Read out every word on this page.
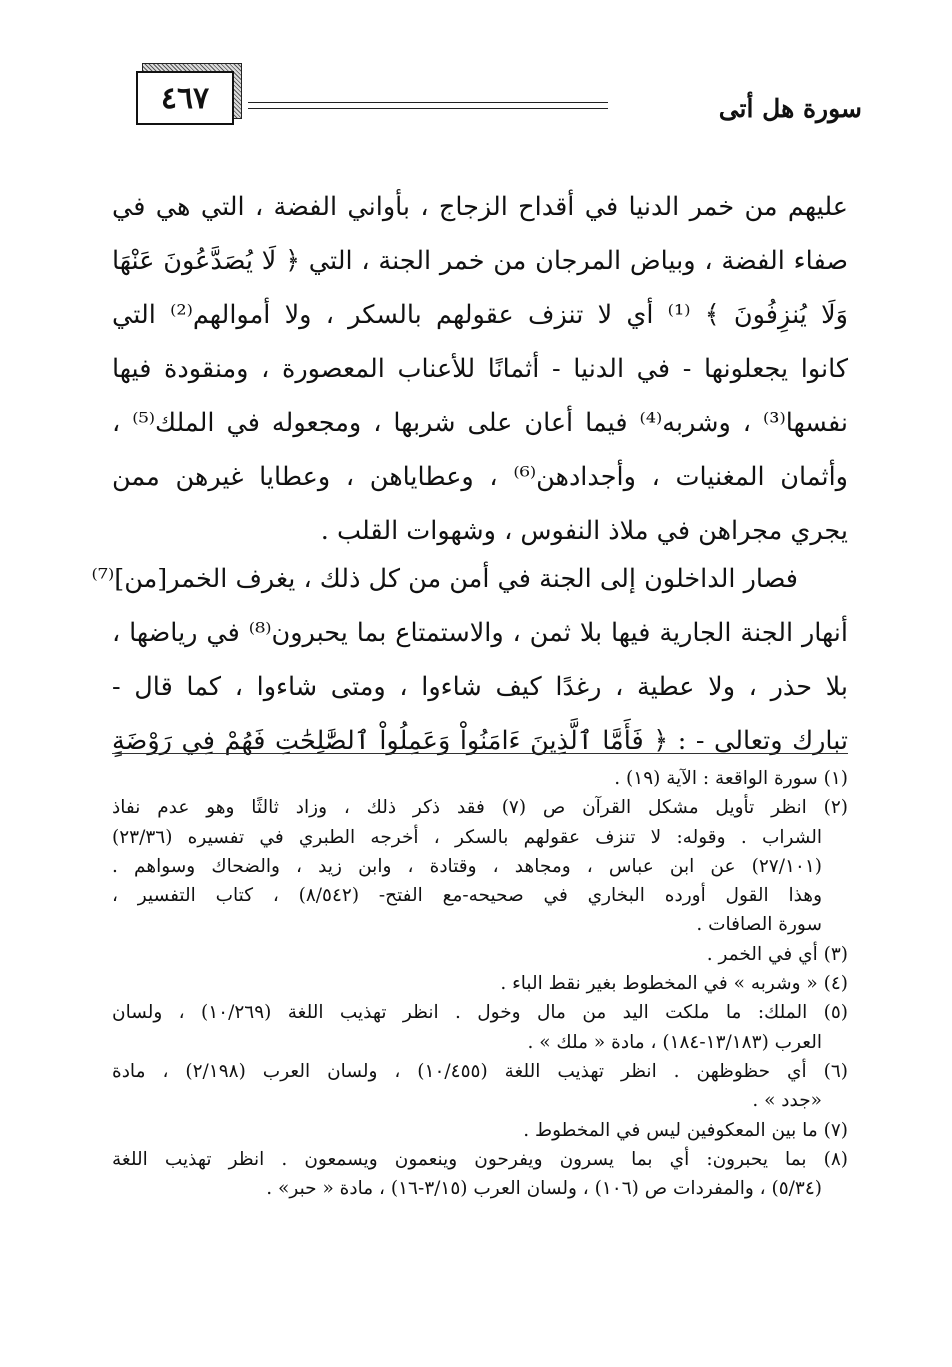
٤٦٧	سورة هل أتى
عليهم من خمر الدنيا في أقداح الزجاج ، بأواني الفضة ، التي هي في
صفاء الفضة ، وبياض المرجان من خمر الجنة ، التي ﴿ لَا يُصَدَّعُونَ عَنْهَا
وَلَا يُنزِفُونَ ﴾ ⁽¹⁾ أي لا تنزف عقولهم بالسكر ، ولا أموالهم⁽²⁾ التي
كانوا يجعلونها - في الدنيا - أثمانًا للأعناب المعصورة ، ومنقودة فيها
نفسها⁽³⁾ ، وشربه⁽⁴⁾ فيما أعان على شربها ، ومجعوله في الملك⁽⁵⁾ ،
وأثمان المغنيات ، وأجدادهن⁽⁶⁾ ، وعطاياهن ، وعطايا غيرهن ممن
يجري مجراهن في ملاذ النفوس ، وشهوات القلب .
فصار الداخلون إلى الجنة في أمن من كل ذلك ، يغرف الخمر[من]⁽⁷⁾
أنهار الجنة الجارية فيها بلا ثمن ، والاستمتاع بما يحبرون⁽⁸⁾ في رياضها ،
بلا حذر ، ولا عطية ، رغدًا كيف شاءوا ، ومتى شاءوا ، كما قال -
تبارك وتعالى - : ﴿ فَأَمَّا ٱلَّذِينَ ءَامَنُواْ وَعَمِلُواْ ٱلصَّٰلِحَٰتِ فَهُمْ فِي رَوْضَةٍ
(١) سورة الواقعة : الآية (١٩) .
(٢) انظر تأويل مشكل القرآن ص (٧) فقد ذكر ذلك ، وزاد ثالثًا وهو عدم نفاذ
الشراب . وقوله: لا تنزف عقولهم بالسكر ، أخرجه الطبري في تفسيره (٢٣/٣٦)
(٢٧/١٠١) عن ابن عباس ، ومجاهد ، وقتادة ، وابن زيد ، والضحاك وسواهم .
وهذا القول أورده البخاري في صحيحه-مع الفتح- (٨/٥٤٢) ، كتاب التفسير ،
سورة الصافات .
(٣) أي في الخمر .
(٤) « وشربه » في المخطوط بغير نقط الباء .
(٥) الملك: ما ملكت اليد من مال وخول . انظر تهذيب اللغة (١٠/٢٦٩) ، ولسان
العرب (١٣/١٨٣-١٨٤) ، مادة « ملك » .
(٦) أي حظوظهن . انظر تهذيب اللغة (١٠/٤٥٥) ، ولسان العرب (٢/١٩٨) ، مادة
«جدد » .
(٧) ما بين المعكوفين ليس في المخطوط .
(٨) بما يحبرون: أي بما يسرون ويفرحون وينعمون ويسمعون . انظر تهذيب اللغة
(٥/٣٤) ، والمفردات ص (١٠٦) ، ولسان العرب (٣/١٥-١٦) ، مادة « حبر» .
